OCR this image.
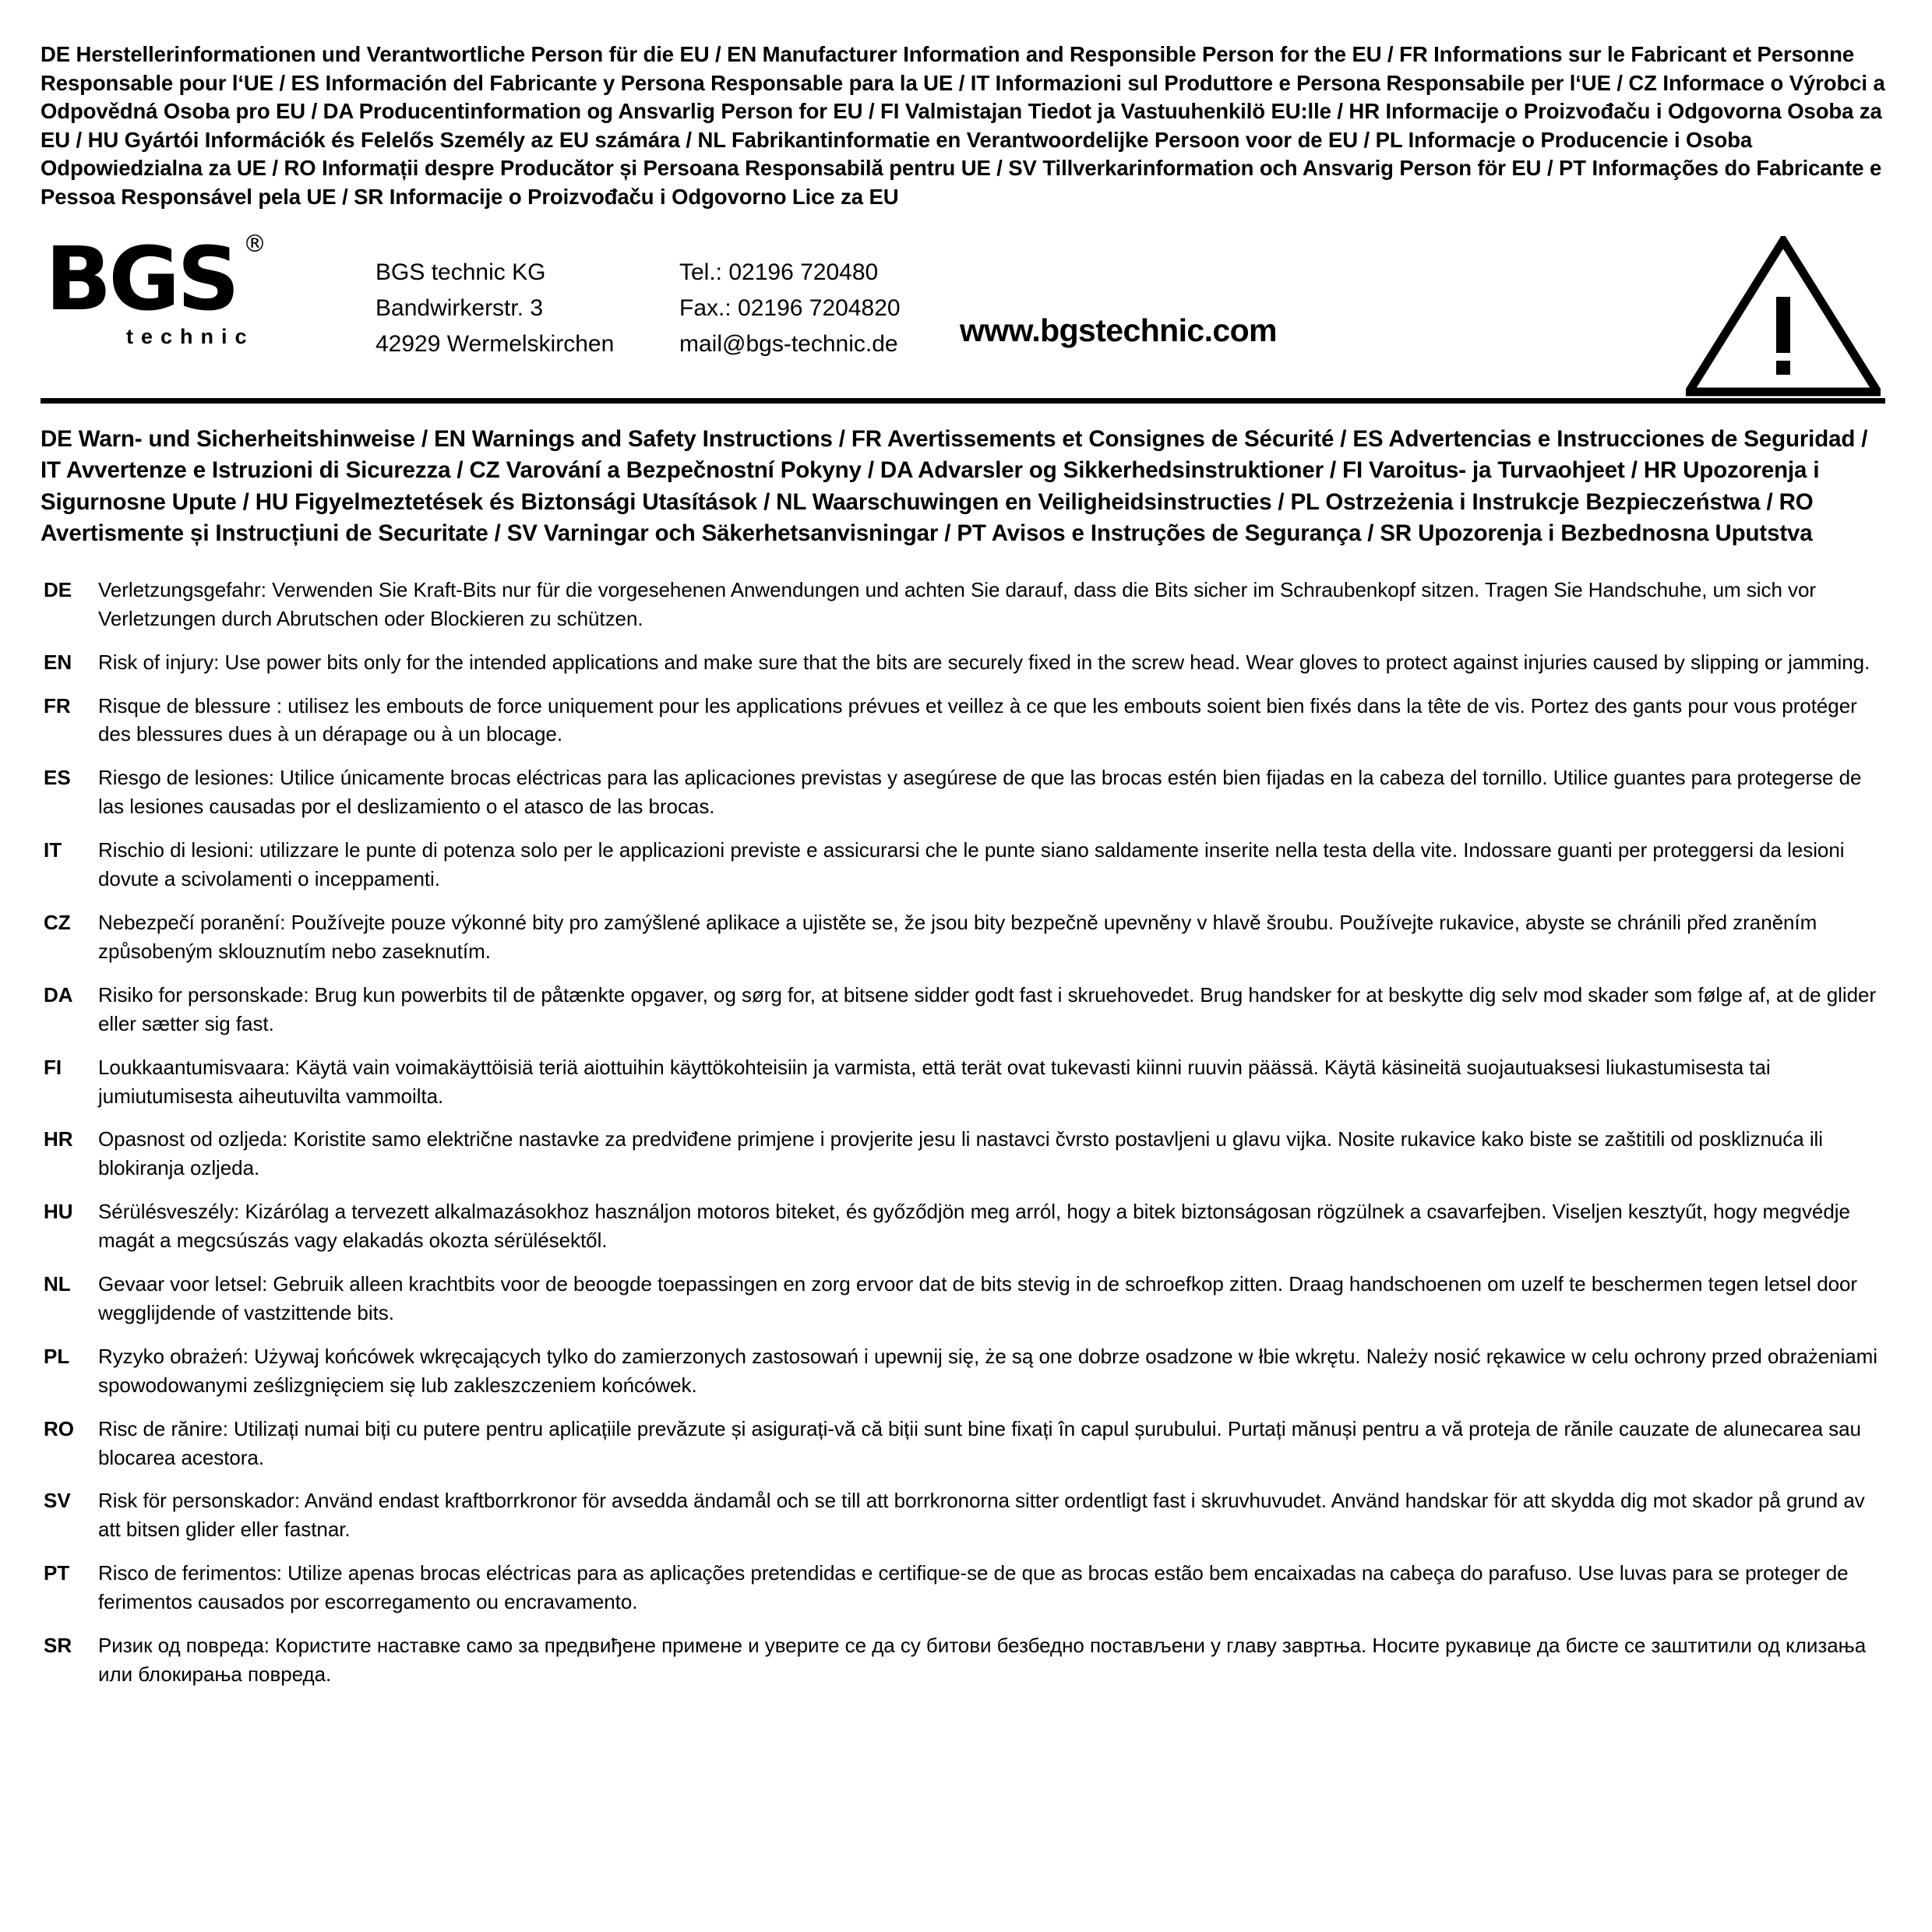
DE Herstellerinformationen und Verantwortliche Person für die EU / EN Manufacturer Information and Responsible Person for the EU / FR Informations sur le Fabricant et Personne Responsable pour l‘UE / ES Información del Fabricante y Persona Responsable para la UE / IT Informazioni sul Produttore e Persona Responsabile per l‘UE / CZ Informace o Výrobci a Odpovědná Osoba pro EU / DA Producentinformation og Ansvarlig Person for EU / FI Valmistajan Tiedot ja Vastuuhenkilö EU:lle / HR Informacije o Proizvođaču i Odgovorna Osoba za EU / HU Gyártói Információk és Felelős Személy az EU számára / NL Fabrikantinformatie en Verantwoordelijke Persoon voor de EU / PL Informacje o Producencie i Osoba Odpowiedzialna za UE / RO Informații despre Producător și Persoana Responsabilă pentru UE / SV Tillverkarinformation och Ansvarig Person för EU / PT Informações do Fabricante e Pessoa Responsável pela UE / SR Informacije o Proizvođaču i Odgovorno Lice za EU
BGS ®
technic
BGS technic KG
Bandwirkerstr. 3
42929 Wermelskirchen
Tel.: 02196 720480
Fax.: 02196 7204820
mail@bgs-technic.de www.bgstechnic.com
DE Warn- und Sicherheitshinweise / EN Warnings and Safety Instructions / FR Avertissements et Consignes de Sécurité / ES Advertencias e Instrucciones de Seguridad / IT Avvertenze e Istruzioni di Sicurezza / CZ Varování a Bezpečnostní Pokyny / DA Advarsler og Sikkerhedsinstruktioner / FI Varoitus- ja Turvaohjeet / HR Upozorenja i Sigurnosne Upute / HU Figyelmeztetések és Biztonsági Utasítások / NL Waarschuwingen en Veiligheidsinstructies / PL Ostrzeżenia i Instrukcje Bezpieczeństwa / RO Avertismente și Instrucțiuni de Securitate / SV Varningar och Säkerhetsanvisningar / PT Avisos e Instruções de Segurança / SR Upozorenja i Bezbednosna Uputstva
DE	Verletzungsgefahr: Verwenden Sie Kraft-Bits nur für die vorgesehenen Anwendungen und achten Sie darauf, dass die Bits sicher im Schraubenkopf sitzen. Tragen Sie Handschuhe, um sich vor Verletzungen durch Abrutschen oder Blockieren zu schützen.
EN	Risk of injury: Use power bits only for the intended applications and make sure that the bits are securely fixed in the screw head. Wear gloves to protect against injuries caused by slipping or jamming.
FR	Risque de blessure : utilisez les embouts de force uniquement pour les applications prévues et veillez à ce que les embouts soient bien fixés dans la tête de vis. Portez des gants pour vous protéger des blessures dues à un dérapage ou à un blocage.
ES	Riesgo de lesiones: Utilice únicamente brocas eléctricas para las aplicaciones previstas y asegúrese de que las brocas estén bien fijadas en la cabeza del tornillo. Utilice guantes para protegerse de las lesiones causadas por el deslizamiento o el atasco de las brocas.
IT	Rischio di lesioni: utilizzare le punte di potenza solo per le applicazioni previste e assicurarsi che le punte siano saldamente inserite nella testa della vite. Indossare guanti per proteggersi da lesioni dovute a scivolamenti o inceppamenti.
CZ	Nebezpečí poranění: Používejte pouze výkonné bity pro zamýšlené aplikace a ujistěte se, že jsou bity bezpečně upevněny v hlavě šroubu. Používejte rukavice, abyste se chránili před zraněním způsobeným sklouznutím nebo zaseknutím.
DA	Risiko for personskade: Brug kun powerbits til de påtænkte opgaver, og sørg for, at bitsene sidder godt fast i skruehovedet. Brug handsker for at beskytte dig selv mod skader som følge af, at de glider eller sætter sig fast.
FI	Loukkaantumisvaara: Käytä vain voimakäyttöisiä teriä aiottuihin käyttökohteisiin ja varmista, että terät ovat tukevasti kiinni ruuvin päässä. Käytä käsineitä suojautuaksesi liukastumisesta tai jumiutumisesta aiheutuvilta vammoilta.
HR	Opasnost od ozljeda: Koristite samo električne nastavke za predviđene primjene i provjerite jesu li nastavci čvrsto postavljeni u glavu vijka. Nosite rukavice kako biste se zaštitili od poskliznuća ili blokiranja ozljeda.
HU	Sérülésveszély: Kizárólag a tervezett alkalmazásokhoz használjon motoros biteket, és győződjön meg arról, hogy a bitek biztonságosan rögzülnek a csavarfejben. Viseljen kesztyűt, hogy megvédje magát a megcsúszás vagy elakadás okozta sérülésektől.
NL	Gevaar voor letsel: Gebruik alleen krachtbits voor de beoogde toepassingen en zorg ervoor dat de bits stevig in de schroefkop zitten. Draag handschoenen om uzelf te beschermen tegen letsel door wegglijdende of vastzittende bits.
PL	Ryzyko obrażeń: Używaj końcówek wkręcających tylko do zamierzonych zastosowań i upewnij się, że są one dobrze osadzone w łbie wkrętu. Należy nosić rękawice w celu ochrony przed obrażeniami spowodowanymi ześlizgnięciem się lub zakleszczeniem końcówek.
RO	Risc de rănire: Utilizați numai biți cu putere pentru aplicațiile prevăzute și asigurați-vă că biții sunt bine fixați în capul șurubului. Purtați mănuși pentru a vă proteja de rănile cauzate de alunecarea sau blocarea acestora.
SV	Risk för personskador: Använd endast kraftborrkronor för avsedda ändamål och se till att borrkronorna sitter ordentligt fast i skruvhuvudet. Använd handskar för att skydda dig mot skador på grund av att bitsen glider eller fastnar.
PT	Risco de ferimentos: Utilize apenas brocas eléctricas para as aplicações pretendidas e certifique-se de que as brocas estão bem encaixadas na cabeça do parafuso. Use luvas para se proteger de ferimentos causados por escorregamento ou encravamento.
SR	Ризик од повреда: Користите наставке само за предвиђене примене и уверите се да су битови безбедно постављени у главу завртња. Носите рукавице да бисте се заштитили од клизања или блокирања повреда.
